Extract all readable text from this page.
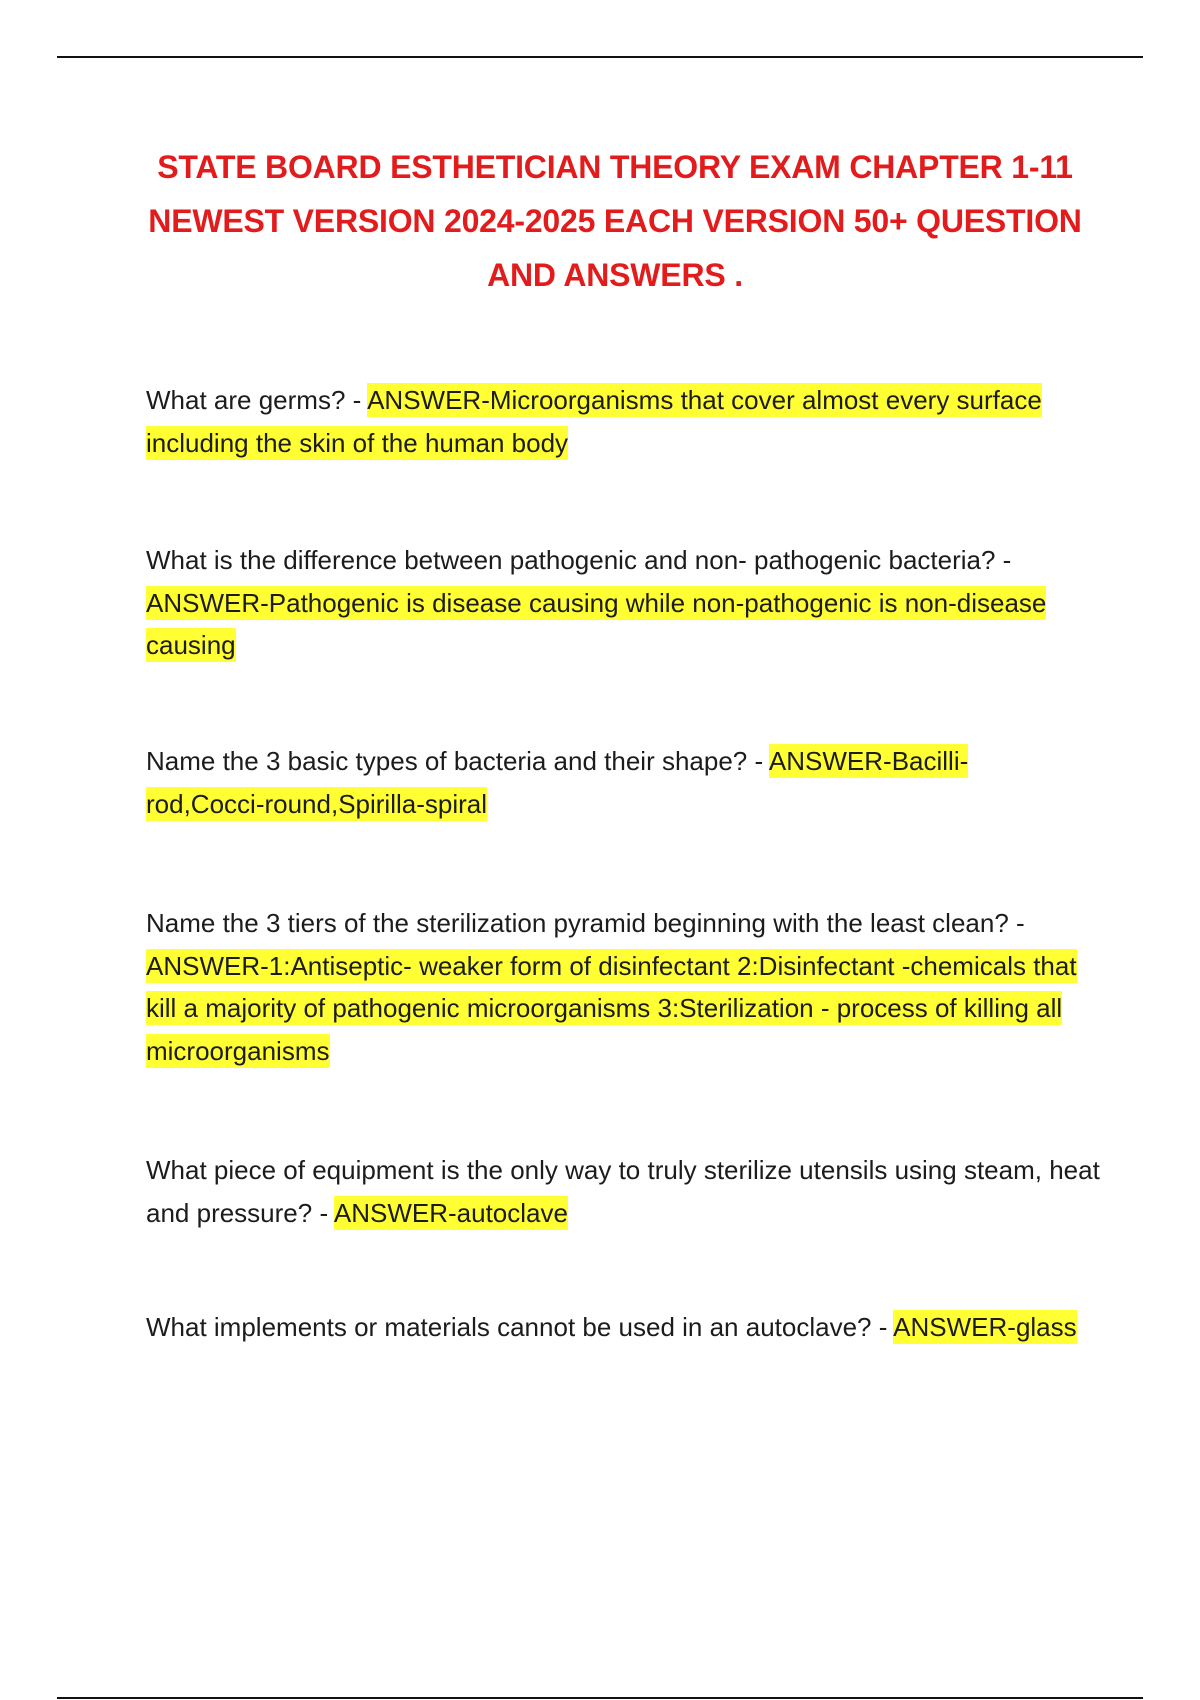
STATE BOARD ESTHETICIAN THEORY EXAM CHAPTER 1-11 NEWEST VERSION 2024-2025 EACH VERSION 50+ QUESTION AND ANSWERS .

What are germs? - ANSWER-Microorganisms that cover almost every surface including the skin of the human body

What is the difference between pathogenic and non- pathogenic bacteria? - ANSWER-Pathogenic is disease causing while non-pathogenic is non-disease causing

Name the 3 basic types of bacteria and their shape? - ANSWER-Bacilli-rod,Cocci-round,Spirilla-spiral

Name the 3 tiers of the sterilization pyramid beginning with the least clean? - ANSWER-1:Antiseptic- weaker form of disinfectant 2:Disinfectant -chemicals that kill a majority of pathogenic microorganisms 3:Sterilization - process of killing all microorganisms

What piece of equipment is the only way to truly sterilize utensils using steam, heat and pressure? - ANSWER-autoclave

What implements or materials cannot be used in an autoclave? - ANSWER-glass
